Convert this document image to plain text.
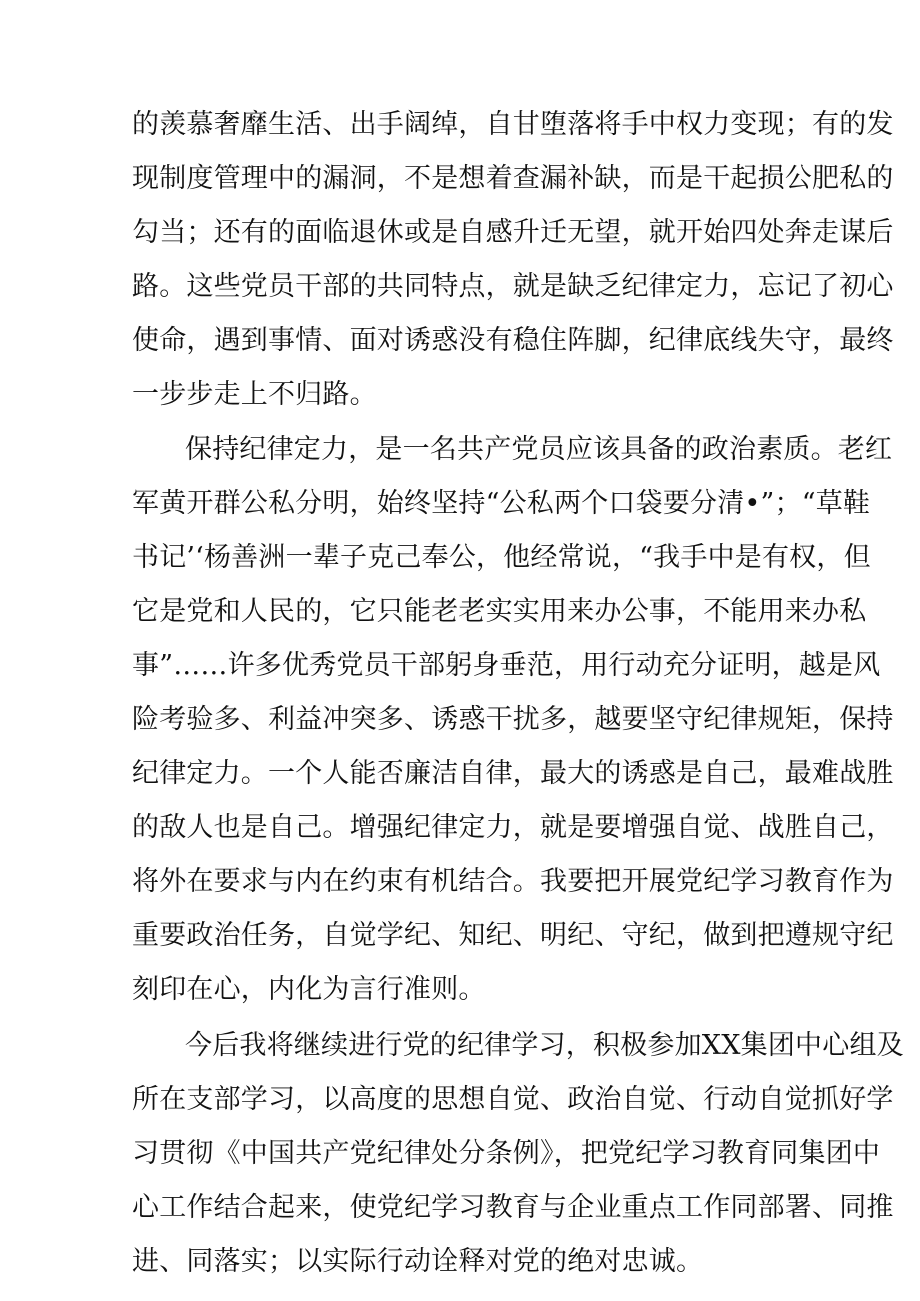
的羡慕奢靡生活、出手阔绰，自甘堕落将手中权力变现；有的发
现制度管理中的漏洞，不是想着查漏补缺，而是干起损公肥私的
勾当；还有的面临退休或是自感升迁无望，就开始四处奔走谋后
路。这些党员干部的共同特点，就是缺乏纪律定力，忘记了初心
使命，遇到事情、面对诱惑没有稳住阵脚，纪律底线失守，最终
一步步走上不归路。
保持纪律定力，是一名共产党员应该具备的政治素质。老红
军黄开群公私分明，始终坚持“公私两个口袋要分清•”；“草鞋
书记’‘杨善洲一辈子克己奉公，他经常说，“我手中是有权，但
它是党和人民的，它只能老老实实用来办公事，不能用来办私
事”……许多优秀党员干部躬身垂范，用行动充分证明，越是风
险考验多、利益冲突多、诱惑干扰多，越要坚守纪律规矩，保持
纪律定力。一个人能否廉洁自律，最大的诱惑是自己，最难战胜
的敌人也是自己。增强纪律定力，就是要增强自觉、战胜自己，
将外在要求与内在约束有机结合。我要把开展党纪学习教育作为
重要政治任务，自觉学纪、知纪、明纪、守纪，做到把遵规守纪
刻印在心，内化为言行准则。
今后我将继续进行党的纪律学习，积极参加XX集团中心组及
所在支部学习，以高度的思想自觉、政治自觉、行动自觉抓好学
习贯彻《中国共产党纪律处分条例》，把党纪学习教育同集团中
心工作结合起来，使党纪学习教育与企业重点工作同部署、同推
进、同落实；以实际行动诠释对党的绝对忠诚。
